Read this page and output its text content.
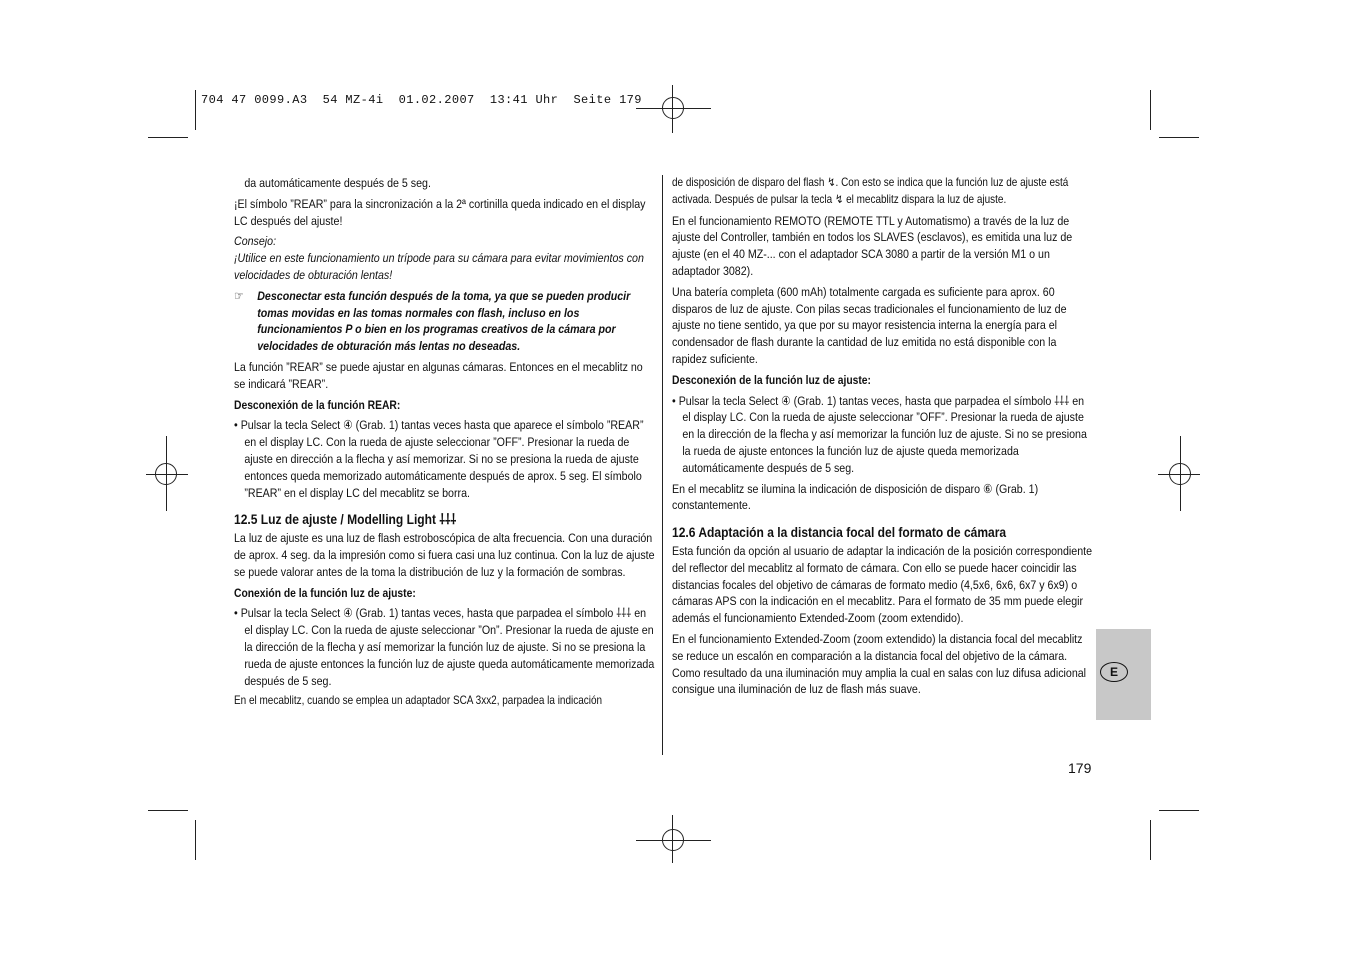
704 47 0099.A3  54 MZ-4i  01.02.2007  13:41 Uhr  Seite 179

da automáticamente después de 5 seg.

¡El símbolo ”REAR” para la sincronización a la 2ª cortinilla queda indicado en el display LC después del ajuste!

Consejo:

¡Utilice en este funcionamiento un trípode para su cámara para evitar movimientos con velocidades de obturación lentas!

☞	Desconectar esta función después de la toma, ya que se pueden producir tomas movidas en las tomas normales con flash, incluso en los funcionamientos P o bien en los programas creativos de la cámara por velocidades de obturación más lentas no deseadas.

La función ”REAR” se puede ajustar en algunas cámaras. Entonces en el mecablitz no se indicará ”REAR”.

Desconexión de la función REAR:

• Pulsar la tecla Select ④ (Grab. 1) tantas veces hasta que aparece el símbolo ”REAR” en el display LC. Con la rueda de ajuste seleccionar ”OFF”. Presionar la rueda de ajuste en dirección a la flecha y así memorizar. Si no se presiona la rueda de ajuste entonces queda memorizado automáticamente después de aprox. 5 seg. El símbolo ”REAR” en el display LC del mecablitz se borra.

12.5 Luz de ajuste / Modelling Light ⸸⸸⸸

La luz de ajuste es una luz de flash estroboscópica de alta frecuencia. Con una duración de aprox. 4 seg. da la impresión como si fuera casi una luz continua. Con la luz de ajuste se puede valorar antes de la toma la distribución de luz y la formación de sombras.

Conexión de la función luz de ajuste:

• Pulsar la tecla Select ④ (Grab. 1) tantas veces, hasta que parpadea el símbolo ⸸⸸⸸ en el display LC. Con la rueda de ajuste seleccionar ”On”. Presionar la rueda de ajuste en la dirección de la flecha y así memorizar la función luz de ajuste. Si no se presiona la rueda de ajuste entonces la función luz de ajuste queda automáticamente memorizada después de 5 seg.

En el mecablitz, cuando se emplea un adaptador SCA 3xx2, parpadea la indicación

de disposición de disparo del flash ↯. Con esto se indica que la función luz de ajuste está activada. Después de pulsar la tecla ↯ el mecablitz dispara la luz de ajuste.

En el funcionamiento REMOTO (REMOTE TTL y Automatismo) a través de la luz de ajuste del Controller, también en todos los SLAVES (esclavos), es emitida una luz de ajuste (en el 40 MZ-... con el adaptador SCA 3080 a partir de la versión M1 o un adaptador 3082).

Una batería completa (600 mAh) totalmente cargada es suficiente para aprox. 60 disparos de luz de ajuste. Con pilas secas tradicionales el funcionamiento de luz de ajuste no tiene sentido, ya que por su mayor resistencia interna la energía para el condensador de flash durante la cantidad de luz emitida no está disponible con la rapidez suficiente.

Desconexión de la función luz de ajuste:

• Pulsar la tecla Select ④ (Grab. 1) tantas veces, hasta que parpadea el símbolo ⸸⸸⸸ en el display LC. Con la rueda de ajuste seleccionar ”OFF”. Presionar la rueda de ajuste en la dirección de la flecha y así memorizar la función luz de ajuste. Si no se presiona la rueda de ajuste entonces la función luz de ajuste queda memorizada automáticamente después de 5 seg.

En el mecablitz se ilumina la indicación de disposición de disparo ⑥ (Grab. 1) constantemente.

12.6 Adaptación a la distancia focal del formato de cámara

Esta función da opción al usuario de adaptar la indicación de la posición correspondiente del reflector del mecablitz al formato de cámara. Con ello se puede hacer coincidir las distancias focales del objetivo de cámaras de formato medio (4,5x6, 6x6, 6x7 y 6x9) o cámaras APS con la indicación en el mecablitz. Para el formato de 35 mm puede elegir además el funcionamiento Extended-Zoom (zoom extendido).

En el funcionamiento Extended-Zoom (zoom extendido) la distancia focal del mecablitz se reduce un escalón en comparación a la distancia focal del objetivo de la cámara. Como resultado da una iluminación muy amplia la cual en salas con luz difusa adicional consigue una iluminación de luz de flash más suave.

E
179
